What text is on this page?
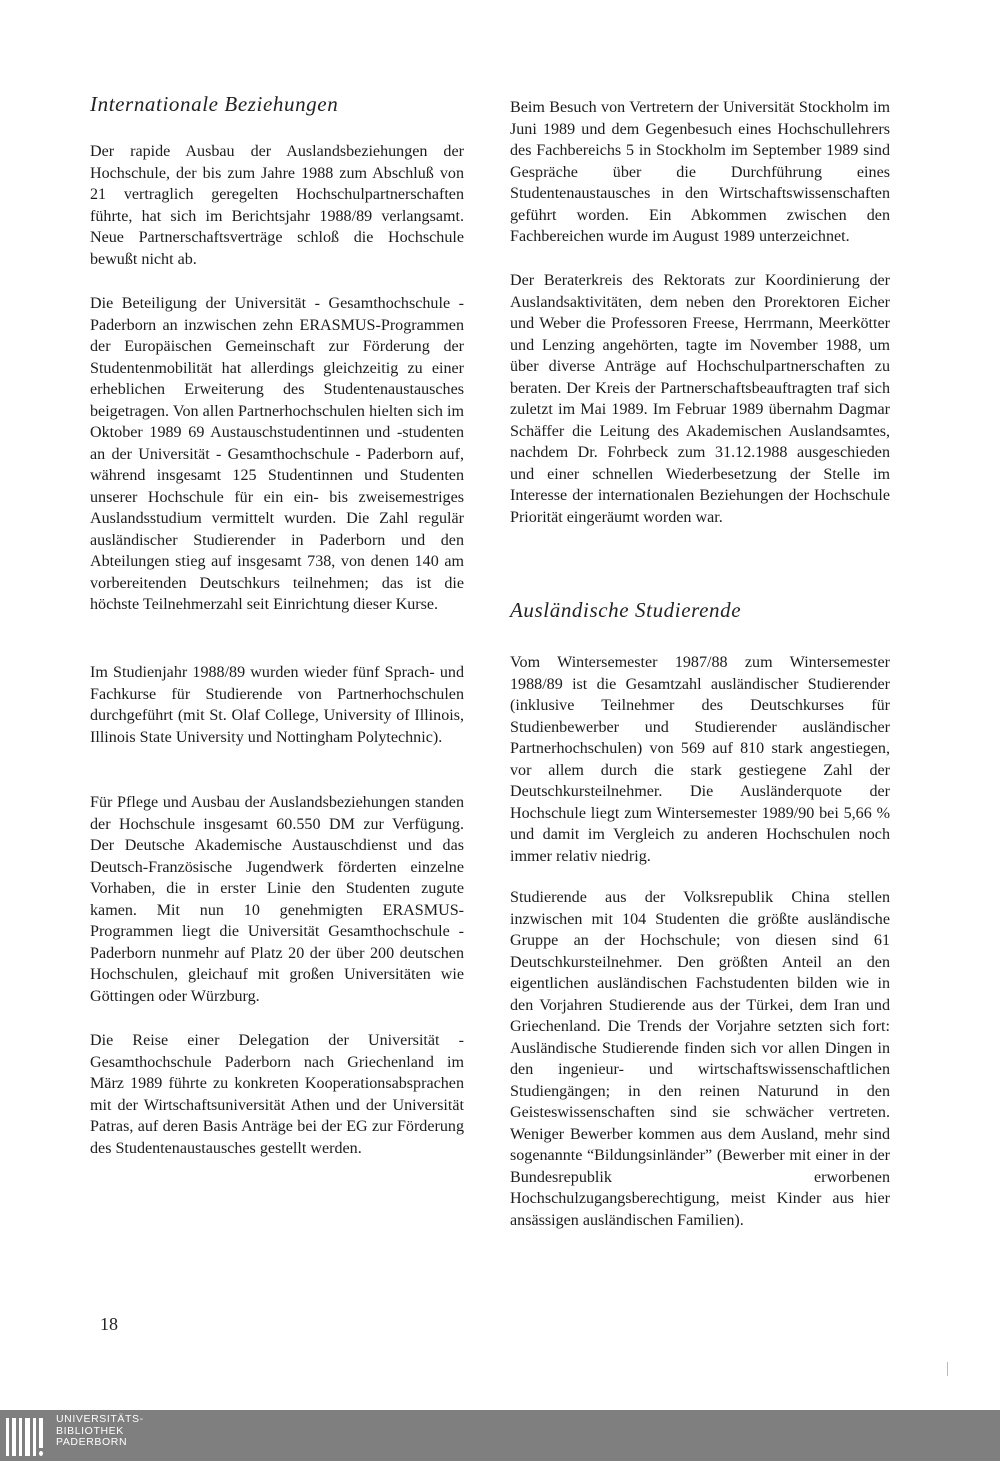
Internationale Beziehungen

Der rapide Ausbau der Auslandsbeziehungen der Hochschule, der bis zum Jahre 1988 zum Abschluß von 21 vertraglich geregelten Hochschulpartnerschaften führte, hat sich im Berichtsjahr 1988/89 verlangsamt. Neue Partnerschaftsverträge schloß die Hochschule bewußt nicht ab.

Die Beteiligung der Universität - Gesamthochschule - Paderborn an inzwischen zehn ERASMUS-Programmen der Europäischen Gemeinschaft zur Förderung der Studentenmobilität hat allerdings gleichzeitig zu einer erheblichen Erweiterung des Studentenaustausches beigetragen. Von allen Partnerhochschulen hielten sich im Oktober 1989 69 Austauschstudentinnen und -studenten an der Universität - Gesamthochschule - Paderborn auf, während insgesamt 125 Studentinnen und Studenten unserer Hochschule für ein ein- bis zweisemestriges Auslandsstudium vermittelt wurden. Die Zahl regulär ausländischer Studierender in Paderborn und den Abteilungen stieg auf insgesamt 738, von denen 140 am vorbereitenden Deutschkurs teilnehmen; das ist die höchste Teilnehmerzahl seit Einrichtung dieser Kurse.

Im Studienjahr 1988/89 wurden wieder fünf Sprach- und Fachkurse für Studierende von Partnerhochschulen durchgeführt (mit St. Olaf College, University of Illinois, Illinois State University und Nottingham Polytechnic).

Für Pflege und Ausbau der Auslandsbeziehungen standen der Hochschule insgesamt 60.550 DM zur Verfügung. Der Deutsche Akademische Austauschdienst und das Deutsch-Französische Jugendwerk förderten einzelne Vorhaben, die in erster Linie den Studenten zugute kamen. Mit nun 10 genehmigten ERASMUS-Programmen liegt die Universität Gesamthochschule - Paderborn nunmehr auf Platz 20 der über 200 deutschen Hochschulen, gleichauf mit großen Universitäten wie Göttingen oder Würzburg.

Die Reise einer Delegation der Universität - Gesamthochschule Paderborn nach Griechenland im März 1989 führte zu konkreten Kooperationsabsprachen mit der Wirtschaftsuniversität Athen und der Universität Patras, auf deren Basis Anträge bei der EG zur Förderung des Studentenaustausches gestellt werden.

Beim Besuch von Vertretern der Universität Stockholm im Juni 1989 und dem Gegenbesuch eines Hochschullehrers des Fachbereichs 5 in Stockholm im September 1989 sind Gespräche über die Durchführung eines Studentenaustausches in den Wirtschaftswissenschaften geführt worden. Ein Abkommen zwischen den Fachbereichen wurde im August 1989 unterzeichnet.

Der Beraterkreis des Rektorats zur Koordinierung der Auslandsaktivitäten, dem neben den Prorektoren Eicher und Weber die Professoren Freese, Herrmann, Meerkötter und Lenzing angehörten, tagte im November 1988, um über diverse Anträge auf Hochschulpartnerschaften zu beraten. Der Kreis der Partnerschaftsbeauftragten traf sich zuletzt im Mai 1989. Im Februar 1989 übernahm Dagmar Schäffer die Leitung des Akademischen Auslandsamtes, nachdem Dr. Fohrbeck zum 31.12.1988 ausgeschieden und einer schnellen Wiederbesetzung der Stelle im Interesse der internationalen Beziehungen der Hochschule Priorität eingeräumt worden war.

Ausländische Studierende

Vom Wintersemester 1987/88 zum Wintersemester 1988/89 ist die Gesamtzahl ausländischer Studierender (inklusive Teilnehmer des Deutschkurses für Studienbewerber und Studierender ausländischer Partnerhochschulen) von 569 auf 810 stark angestiegen, vor allem durch die stark gestiegene Zahl der Deutschkursteilnehmer. Die Ausländerquote der Hochschule liegt zum Wintersemester 1989/90 bei 5,66 % und damit im Vergleich zu anderen Hochschulen noch immer relativ niedrig.

Studierende aus der Volksrepublik China stellen inzwischen mit 104 Studenten die größte ausländische Gruppe an der Hochschule; von diesen sind 61 Deutschkursteilnehmer. Den größten Anteil an den eigentlichen ausländischen Fachstudenten bilden wie in den Vorjahren Studierende aus der Türkei, dem Iran und Griechenland. Die Trends der Vorjahre setzten sich fort: Ausländische Studierende finden sich vor allen Dingen in den ingenieur- und wirtschaftswissenschaftlichen Studiengängen; in den reinen Naturund in den Geisteswissenschaften sind sie schwächer vertreten. Weniger Bewerber kommen aus dem Ausland, mehr sind sogenannte “Bildungsinländer” (Bewerber mit einer in der Bundesrepublik erworbenen Hochschulzugangsberechtigung, meist Kinder aus hier ansässigen ausländischen Familien).

18
UNIVERSITÄTS-
BIBLIOTHEK
PADERBORN
